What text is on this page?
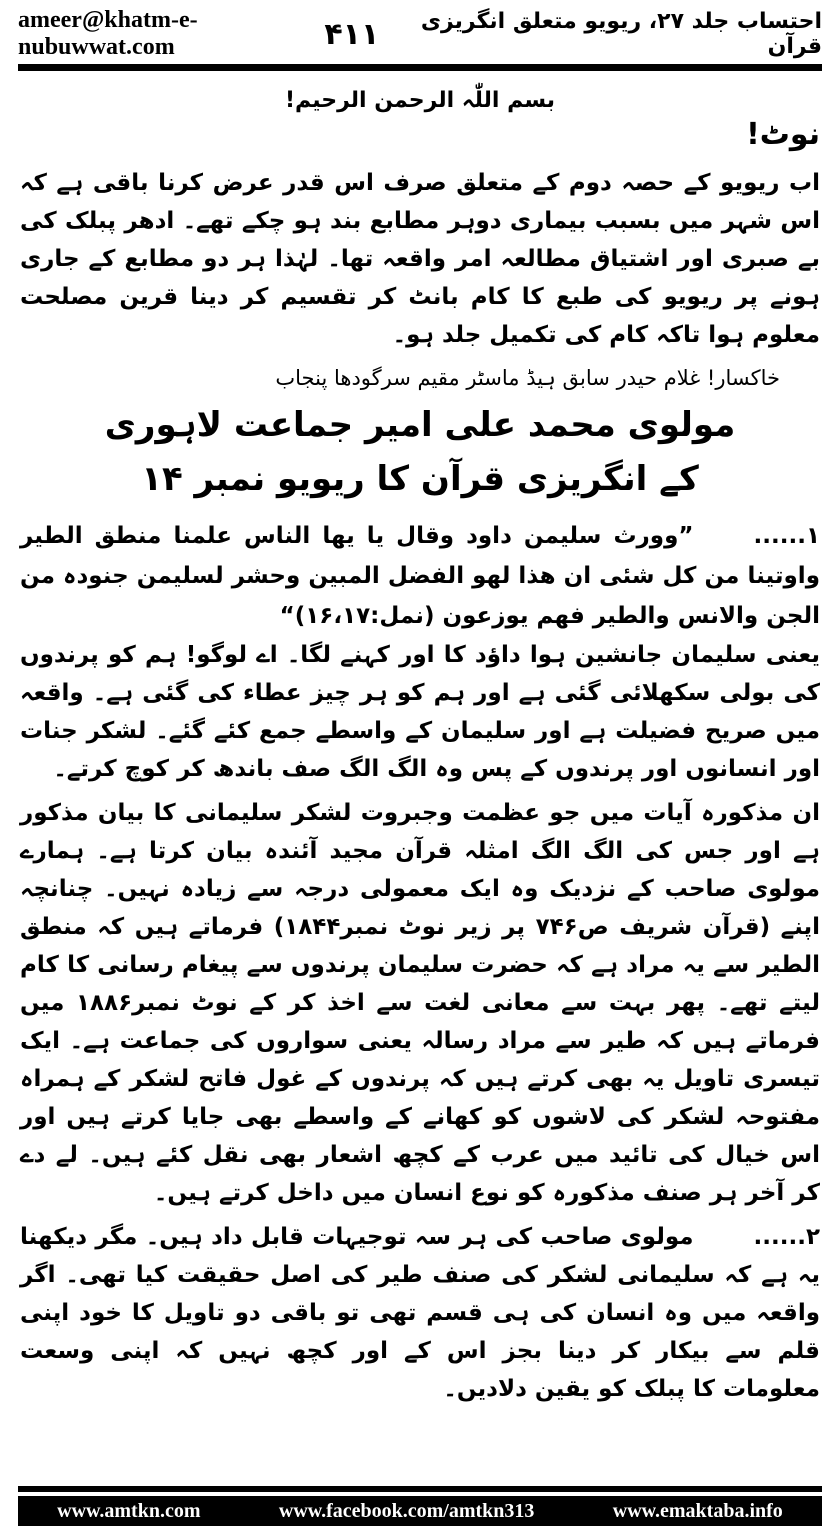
ameer@khatm-e-nubuwwat.com
احتساب جلد ۲۷، ریویو متعلق انگریزی قرآن
۴۱۱
بسم اللّٰہ الرحمن الرحیم!
نوٹ!

اب ریویو کے حصہ دوم کے متعلق صرف اس قدر عرض کرنا باقی ہے کہ اس شہر میں بسبب بیماری دوہر مطابع بند ہو چکے تھے۔ ادھر پبلک کی بے صبری اور اشتیاق مطالعہ امر واقعہ تھا۔ لہٰذا ہر دو مطابع کے جاری ہونے پر ریویو کی طبع کا کام بانٹ کر تقسیم کر دینا قرین مصلحت معلوم ہوا تاکہ کام کی تکمیل جلد ہو۔

خاکسار! غلام حیدر سابق ہیڈ ماسٹر مقیم سرگودھا پنجاب

مولوی محمد علی امیر جماعت لاہوری

کے انگریزی قرآن کا ریویو نمبر ۱۴

۱......”وورث سلیمن داود وقال یا یھا الناس علمنا منطق الطیر واوتینا من کل شئی ان ھذا لھو الفضل المبین وحشر لسلیمن جنودہ من الجن والانس والطیر فھم یوزعون (نمل:۱۶،۱۷)“

یعنی سلیمان جانشین ہوا داؤد کا اور کہنے لگا۔ اے لوگو! ہم کو پرندوں کی بولی سکھلائی گئی ہے اور ہم کو ہر چیز عطاء کی گئی ہے۔ واقعہ میں صریح فضیلت ہے اور سلیمان کے واسطے جمع کئے گئے۔ لشکر جنات اور انسانوں اور پرندوں کے پس وہ الگ الگ صف باندھ کر کوچ کرتے۔

ان مذکورہ آیات میں جو عظمت وجبروت لشکر سلیمانی کا بیان مذکور ہے اور جس کی الگ الگ امثلہ قرآن مجید آئندہ بیان کرتا ہے۔ ہمارے مولوی صاحب کے نزدیک وہ ایک معمولی درجہ سے زیادہ نہیں۔ چنانچہ اپنے (قرآن شریف ص۷۴۶ پر زیر نوٹ نمبر۱۸۴۴) فرماتے ہیں کہ منطق الطیر سے یہ مراد ہے کہ حضرت سلیمان پرندوں سے پیغام رسانی کا کام لیتے تھے۔ پھر بہت سے معانی لغت سے اخذ کر کے نوٹ نمبر۱۸۸۶ میں فرماتے ہیں کہ طیر سے مراد رسالہ یعنی سواروں کی جماعت ہے۔ ایک تیسری تاویل یہ بھی کرتے ہیں کہ پرندوں کے غول فاتح لشکر کے ہمراہ مفتوحہ لشکر کی لاشوں کو کھانے کے واسطے بھی جایا کرتے ہیں اور اس خیال کی تائید میں عرب کے کچھ اشعار بھی نقل کئے ہیں۔ لے دے کر آخر ہر صنف مذکورہ کو نوع انسان میں داخل کرتے ہیں۔

۲......مولوی صاحب کی ہر سہ توجیہات قابل داد ہیں۔ مگر دیکھنا یہ ہے کہ سلیمانی لشکر کی صنف طیر کی اصل حقیقت کیا تھی۔ اگر واقعہ میں وہ انسان کی ہی قسم تھی تو باقی دو تاویل کا خود اپنی قلم سے بیکار کر دینا بجز اس کے اور کچھ نہیں کہ اپنی وسعت معلومات کا پبلک کو یقین دلادیں۔

www.amtkn.com	www.facebook.com/amtkn313	www.emaktaba.info
